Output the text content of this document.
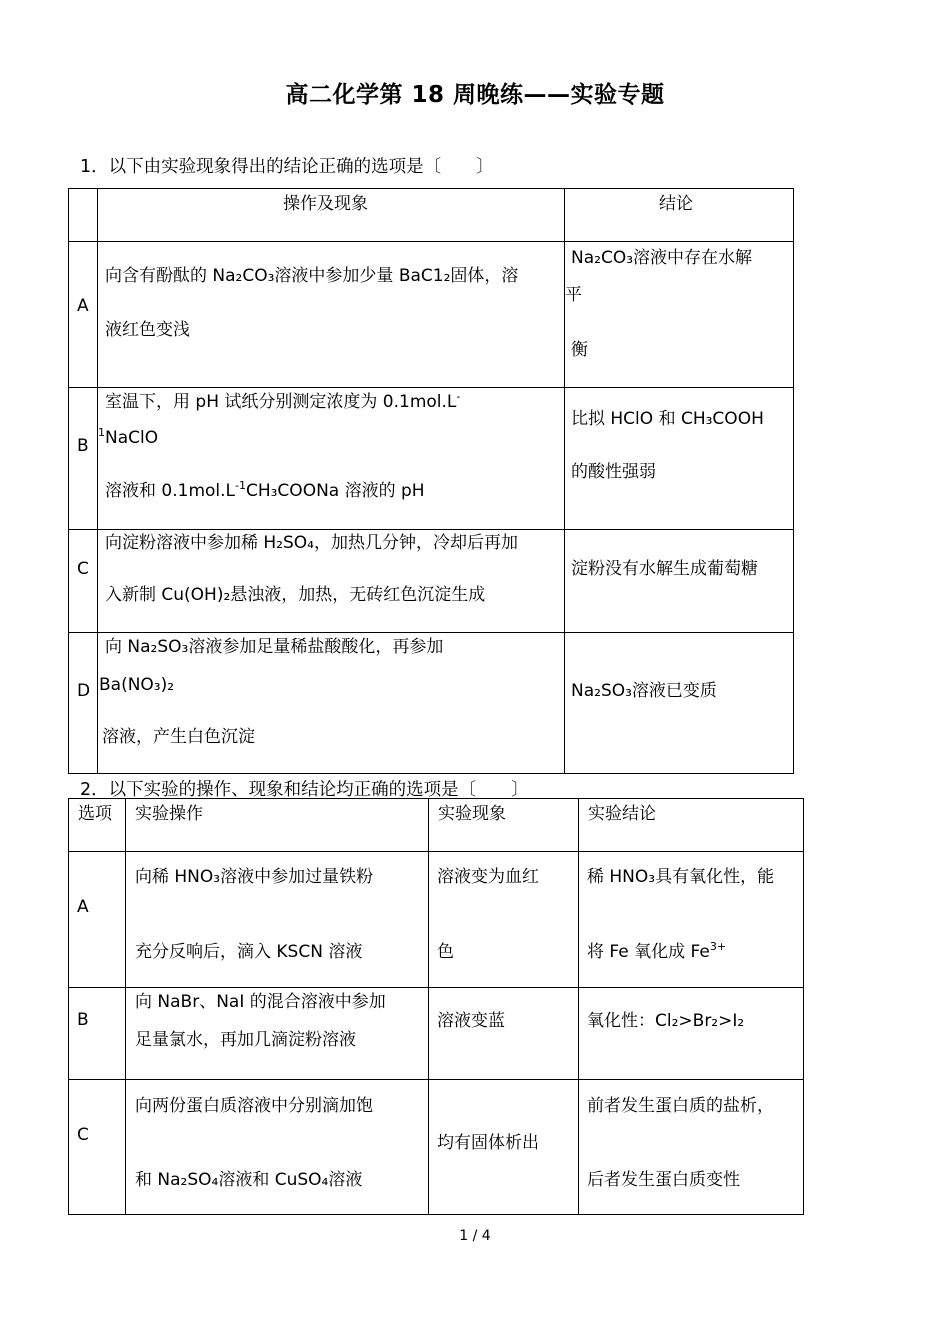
高二化学第 18 周晚练——实验专题

1．以下由实验现象得出的结论正确的选项是〔　　〕

	操作及现象	结论

A	向含有酚酞的 Na₂CO₃溶液中参加少量 BaC1₂固体，溶
液红色变浅	Na₂CO₃溶液中存在水解
平
衡

B	室温下，用 pH 试纸分别测定浓度为 0.1mol.L-
$^1$NaClO
溶液和 $0.1mol.L^{-1}CH_3COONa$ 溶液的 pH	比拟 HClO 和 CH₃COOH
的酸性强弱

C	向淀粉溶液中参加稀 H₂SO₄，加热几分钟，冷却后再加
入新制 Cu(OH)₂悬浊液，加热，无砖红色沉淀生成	淀粉没有水解生成葡萄糖

D	向 Na₂SO₃溶液参加足量稀盐酸酸化，再参加
Ba(NO₃)₂
溶液，产生白色沉淀	Na₂SO₃溶液已变质

2．以下实验的操作、现象和结论均正确的选项是〔　　〕

选项	实验操作	实验现象	实验结论

A	向稀 HNO₃溶液中参加过量铁粉
充分反响后，滴入 KSCN 溶液	溶液变为血红
色	稀 HNO₃具有氧化性，能
将 Fe 氧化成 $Fe^{3+}$

B	向 NaBr、NaI 的混合溶液中参加
足量氯水，再加几滴淀粉溶液	溶液变蓝	氧化性：Cl₂>Br₂>I₂

C	向两份蛋白质溶液中分别滴加饱
和 Na₂SO₄溶液和 CuSO₄溶液	均有固体析出	前者发生蛋白质的盐析，
后者发生蛋白质变性
1 / 4
